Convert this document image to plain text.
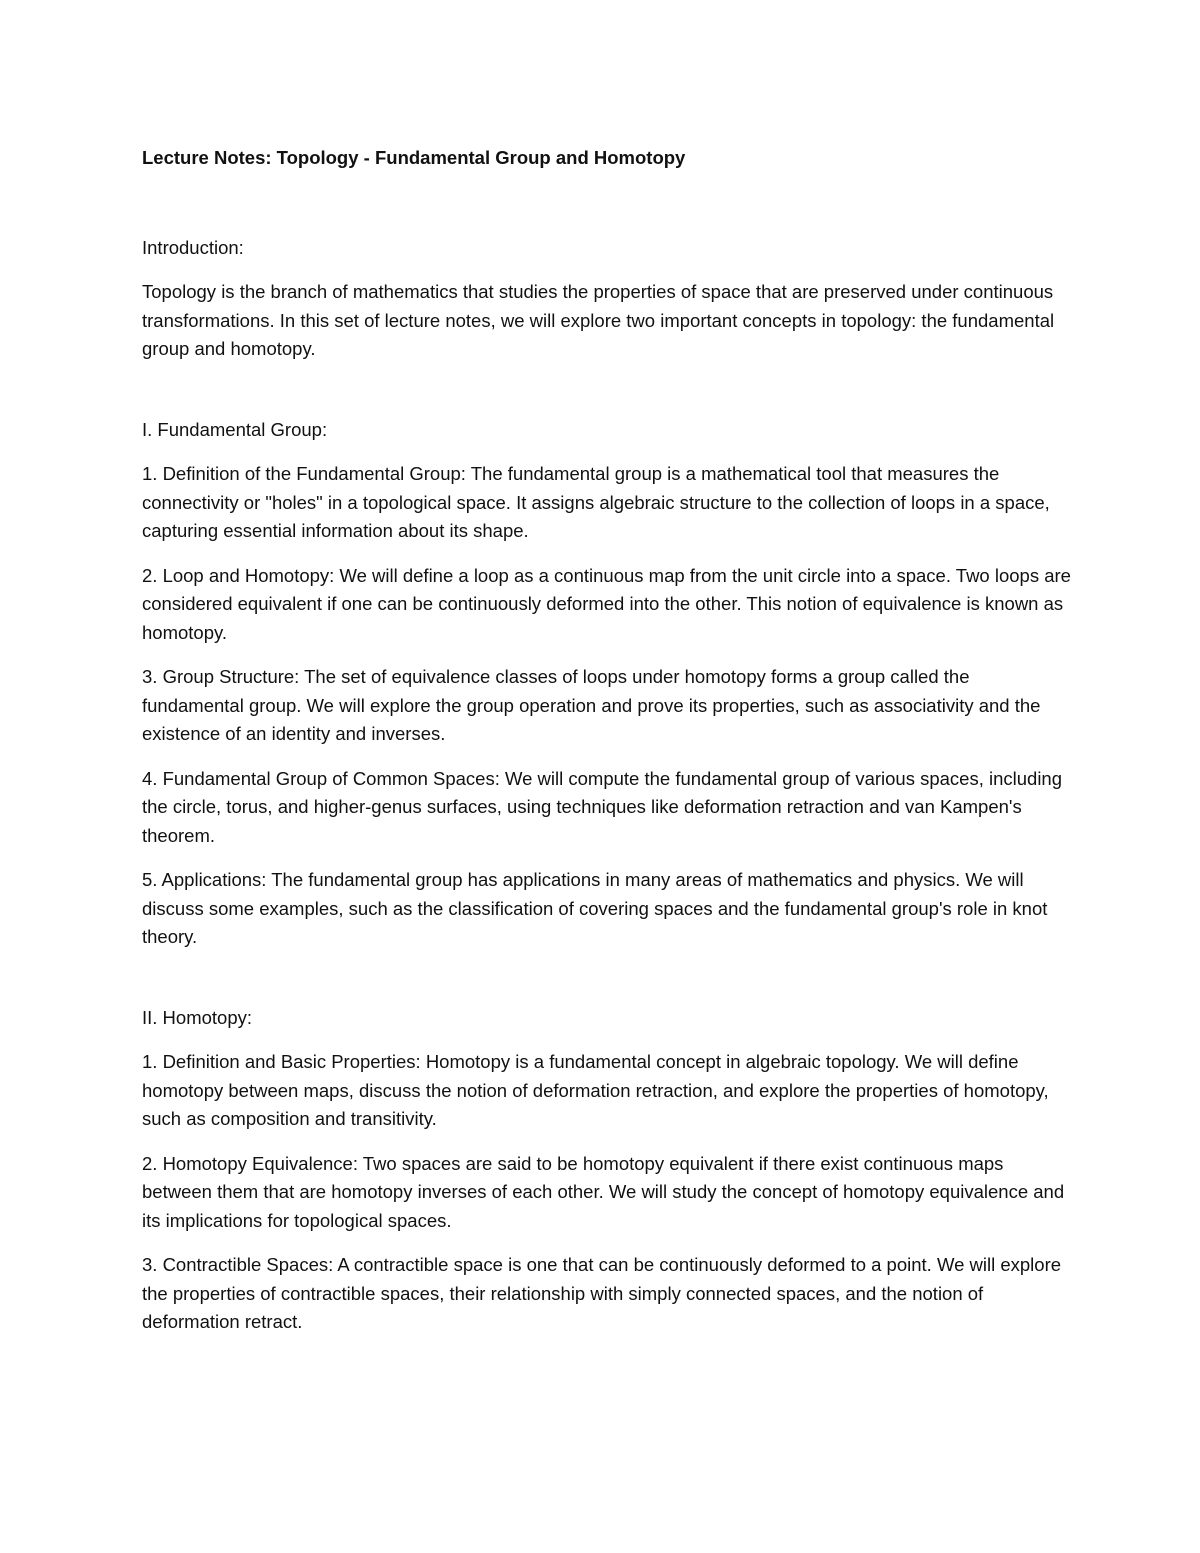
Lecture Notes: Topology - Fundamental Group and Homotopy

Introduction:

Topology is the branch of mathematics that studies the properties of space that are preserved under continuous transformations. In this set of lecture notes, we will explore two important concepts in topology: the fundamental group and homotopy.

I. Fundamental Group:

1. Definition of the Fundamental Group: The fundamental group is a mathematical tool that measures the connectivity or "holes" in a topological space. It assigns algebraic structure to the collection of loops in a space, capturing essential information about its shape.

2. Loop and Homotopy: We will define a loop as a continuous map from the unit circle into a space. Two loops are considered equivalent if one can be continuously deformed into the other. This notion of equivalence is known as homotopy.

3. Group Structure: The set of equivalence classes of loops under homotopy forms a group called the fundamental group. We will explore the group operation and prove its properties, such as associativity and the existence of an identity and inverses.

4. Fundamental Group of Common Spaces: We will compute the fundamental group of various spaces, including the circle, torus, and higher-genus surfaces, using techniques like deformation retraction and van Kampen's theorem.

5. Applications: The fundamental group has applications in many areas of mathematics and physics. We will discuss some examples, such as the classification of covering spaces and the fundamental group's role in knot theory.

II. Homotopy:

1. Definition and Basic Properties: Homotopy is a fundamental concept in algebraic topology. We will define homotopy between maps, discuss the notion of deformation retraction, and explore the properties of homotopy, such as composition and transitivity.

2. Homotopy Equivalence: Two spaces are said to be homotopy equivalent if there exist continuous maps between them that are homotopy inverses of each other. We will study the concept of homotopy equivalence and its implications for topological spaces.

3. Contractible Spaces: A contractible space is one that can be continuously deformed to a point. We will explore the properties of contractible spaces, their relationship with simply connected spaces, and the notion of deformation retract.
